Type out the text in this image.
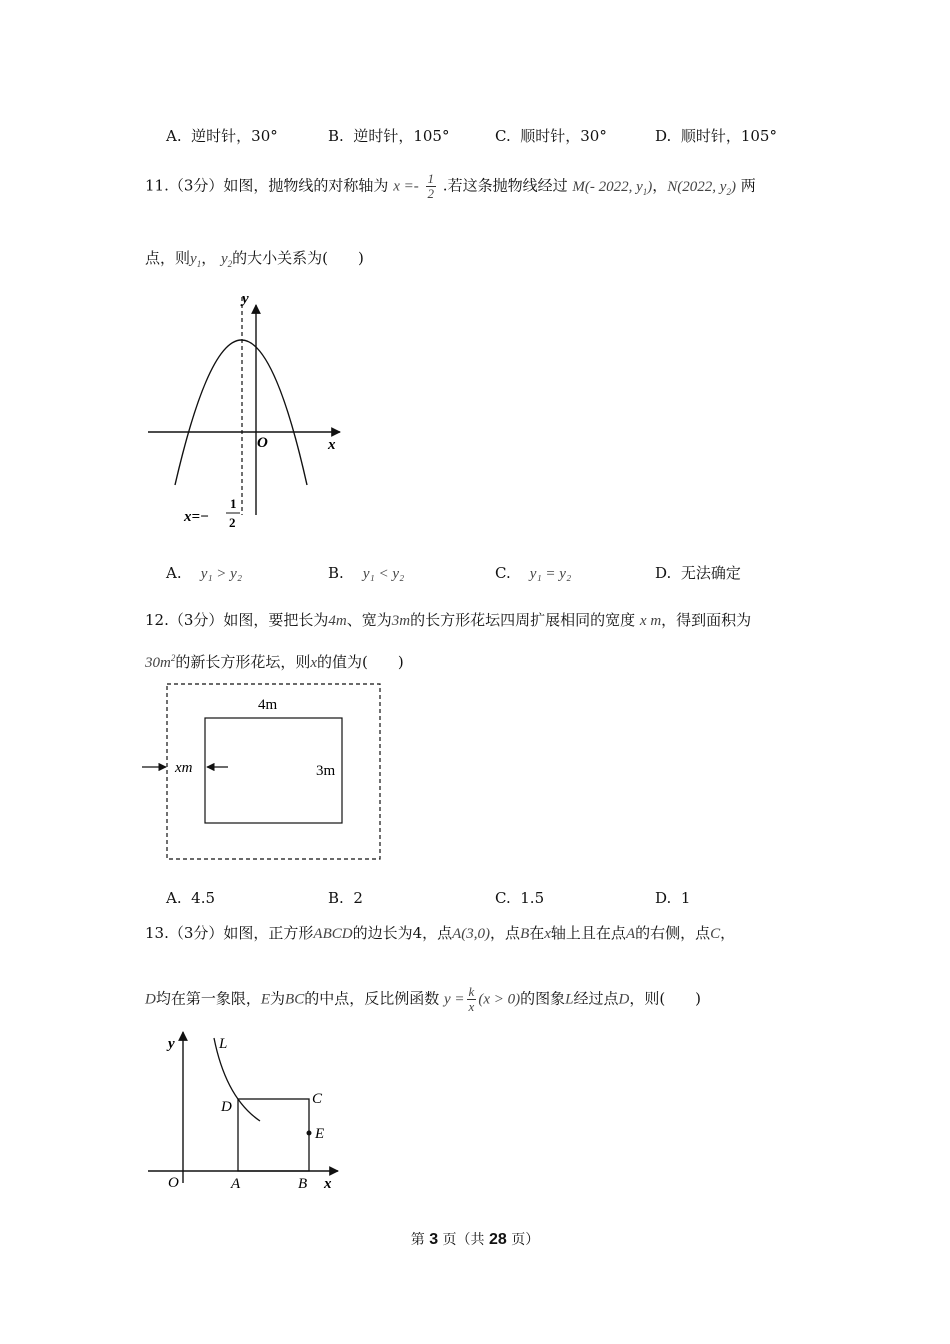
A. 逆时针，30°	B. 逆时针，105°	C. 顺时针，30°	D. 顺时针，105°
11.（3分）如图，抛物线的对称轴为 $x =- \frac{1}{2}$ .若这条抛物线经过 M(- 2022, $y_1$)，N(2022, $y_2$) 两
点，则$y_1$， $y_2$的大小关系为(　　)
y
x
O
x=−
1
2
A. y₁ > y₂	B. y₁ < y₂	C. y₁ = y₂	D. 无法确定
12.（3分）如图，要把长为4m、宽为3m的长方形花坛四周扩展相同的宽度 x m，得到面积为
$30m^2$的新长方形花坛，则x的值为(　　)
4m
3m
xm
A. 4.5	B. 2	C. 1.5	D. 1
13.（3分）如图，正方形ABCD的边长为4，点A(3,0)，点B在x轴上且在点A的右侧，点C，
D均在第一象限，E为BC的中点，反比例函数 $y = \frac{k}{x} (x > 0)$的图象L经过点D，则(　　)
y	L
D	C
E
O	A	B x
第 3 页（共 28 页）
